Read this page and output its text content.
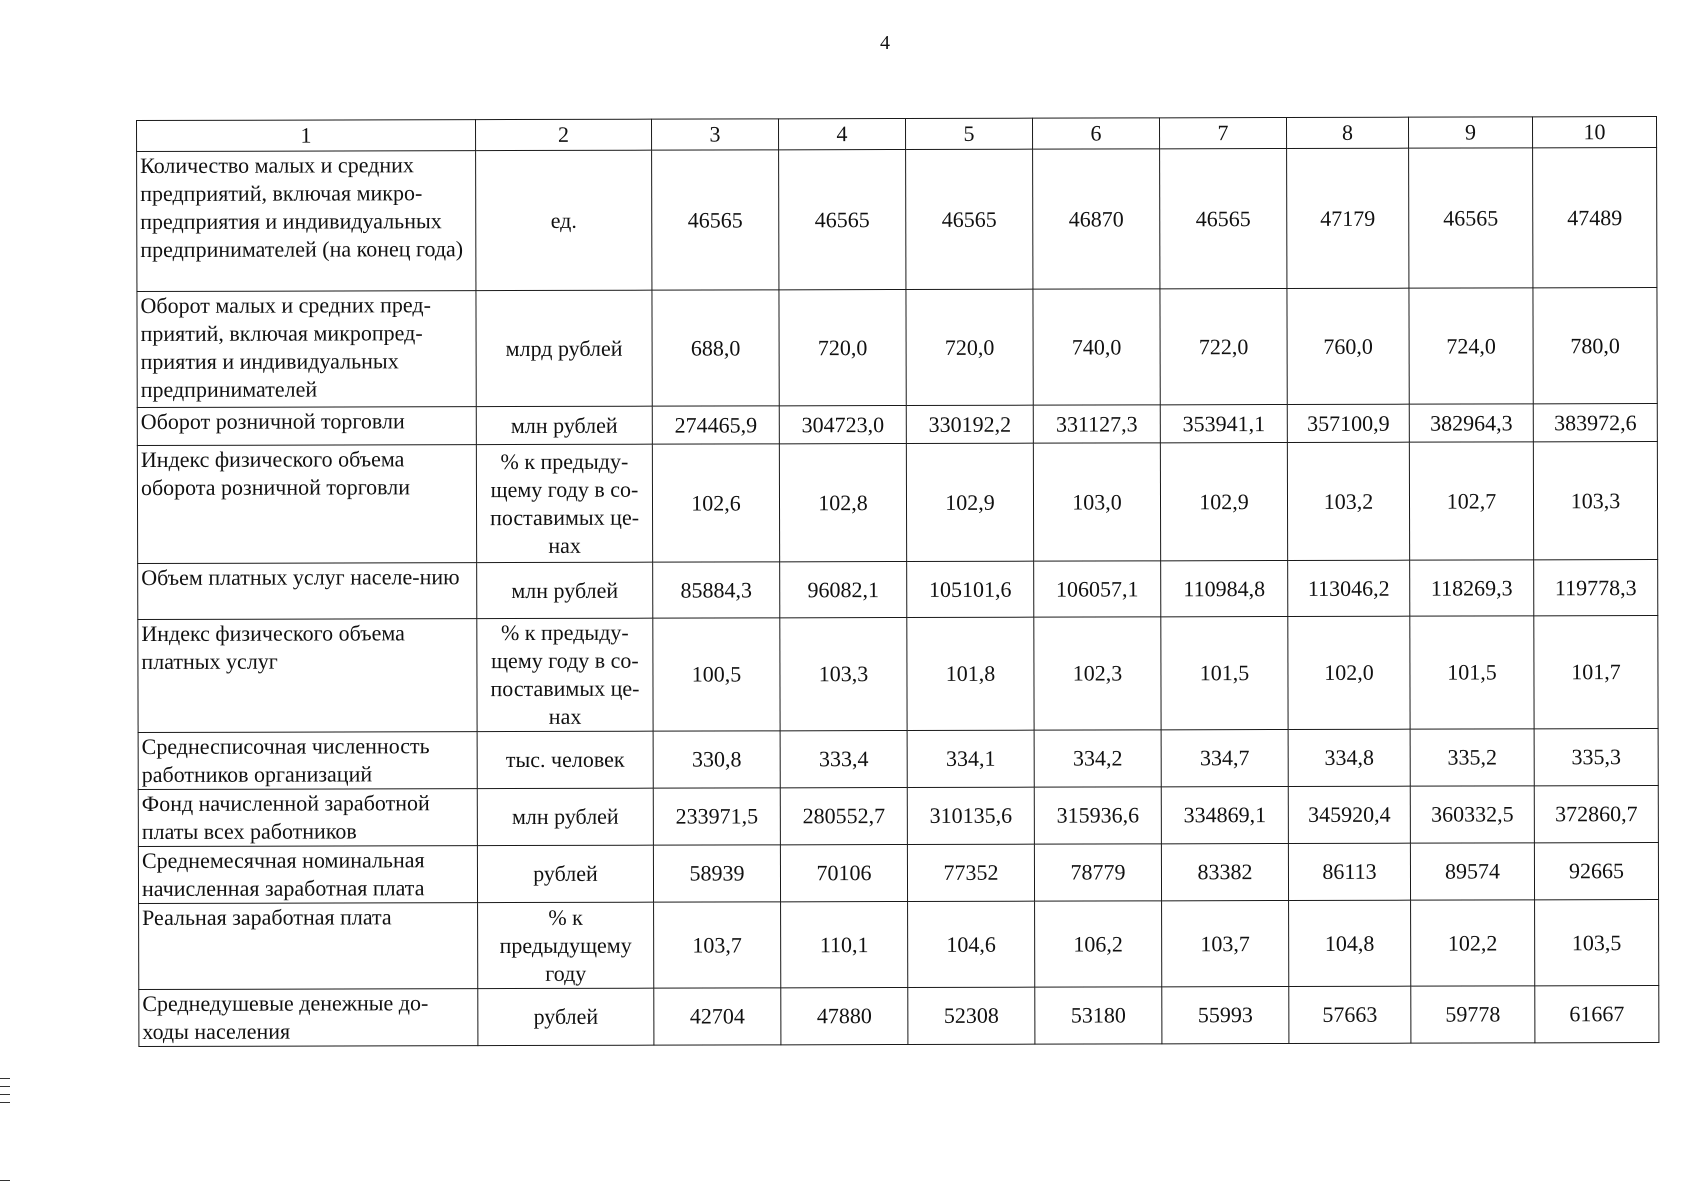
4
1	2	3	4	5	6	7	8	9	10
Количество малых и средних предприятий, включая микро-предприятия и индивидуальных предпринимателей (на конец года)	ед.	46565	46565	46565	46870	46565	47179	46565	47489
Оборот малых и средних пред-приятий, включая микропред-приятия и индивидуальных предпринимателей	млрд рублей	688,0	720,0	720,0	740,0	722,0	760,0	724,0	780,0
Оборот розничной торговли	млн рублей	274465,9	304723,0	330192,2	331127,3	353941,1	357100,9	382964,3	383972,6
Индекс физического объема оборота розничной торговли	% к предыду-щему году в со-поставимых це-нах	102,6	102,8	102,9	103,0	102,9	103,2	102,7	103,3
Объем платных услуг населе-нию	млн рублей	85884,3	96082,1	105101,6	106057,1	110984,8	113046,2	118269,3	119778,3
Индекс физического объема платных услуг	% к предыду-щему году в со-поставимых це-нах	100,5	103,3	101,8	102,3	101,5	102,0	101,5	101,7
Среднесписочная численность работников организаций	тыс. человек	330,8	333,4	334,1	334,2	334,7	334,8	335,2	335,3
Фонд начисленной заработной платы всех работников	млн рублей	233971,5	280552,7	310135,6	315936,6	334869,1	345920,4	360332,5	372860,7
Среднемесячная номинальная начисленная заработная плата	рублей	58939	70106	77352	78779	83382	86113	89574	92665
Реальная заработная плата	% к предыдущему году	103,7	110,1	104,6	106,2	103,7	104,8	102,2	103,5
Среднедушевые денежные до-ходы населения	рублей	42704	47880	52308	53180	55993	57663	59778	61667
